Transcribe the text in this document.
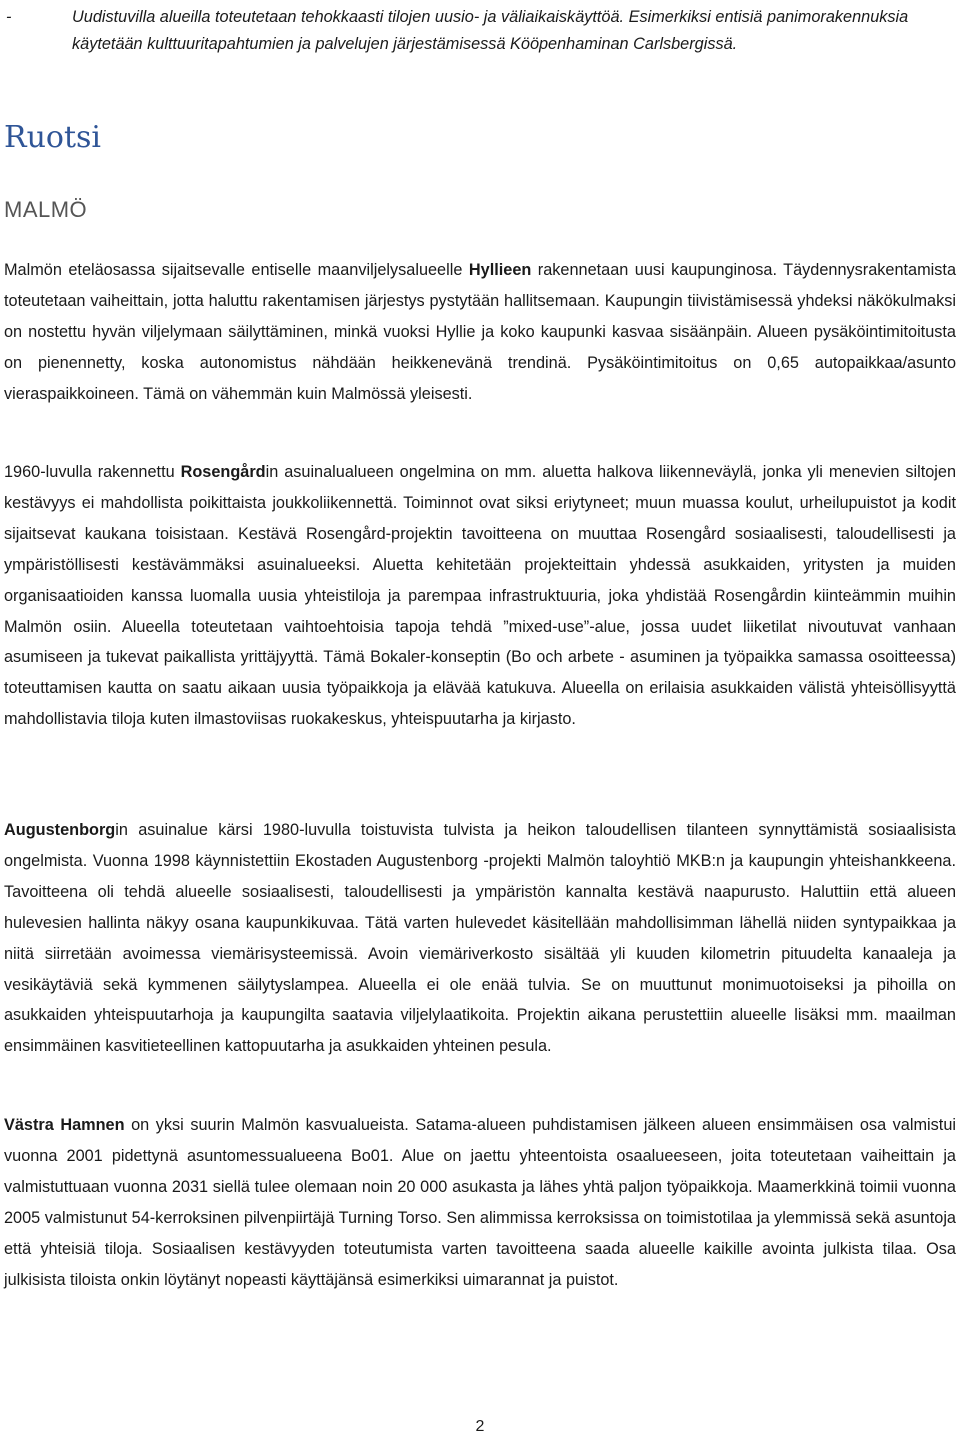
-	Uudistuvilla alueilla toteutetaan tehokkaasti tilojen uusio- ja väliaikaiskäyttöä. Esimerkiksi entisiä panimorakennuksia käytetään kulttuuritapahtumien ja palvelujen järjestämisessä Kööpenhaminan Carlsbergissä.
Ruotsi
MALMÖ

Malmön eteläosassa sijaitsevalle entiselle maanviljelysalueelle Hyllieen rakennetaan uusi kaupunginosa. Täydennysrakentamista toteutetaan vaiheittain, jotta haluttu rakentamisen järjestys pystytään hallitsemaan. Kaupungin tiivistämisessä yhdeksi näkökulmaksi on nostettu hyvän viljelymaan säilyttäminen, minkä vuoksi Hyllie ja koko kaupunki kasvaa sisäänpäin. Alueen pysäköintimitoitusta on pienennetty, koska autonomistus nähdään heikkenevänä trendinä. Pysäköintimitoitus on 0,65 autopaikkaa/asunto vieraspaikkoineen. Tämä on vähemmän kuin Malmössä yleisesti.

1960-luvulla rakennettu Rosengårdin asuinalualueen ongelmina on mm. aluetta halkova liikenneväylä, jonka yli menevien siltojen kestävyys ei mahdollista poikittaista joukkoliikennettä. Toiminnot ovat siksi eriytyneet; muun muassa koulut, urheilupuistot ja kodit sijaitsevat kaukana toisistaan. Kestävä Rosengård-projektin tavoitteena on muuttaa Rosengård sosiaalisesti, taloudellisesti ja ympäristöllisesti kestävämmäksi asuinalueeksi. Aluetta kehitetään projekteittain yhdessä asukkaiden, yritysten ja muiden organisaatioiden kanssa luomalla uusia yhteistiloja ja parempaa infrastruktuuria, joka yhdistää Rosengårdin kiinteämmin muihin Malmön osiin. Alueella toteutetaan vaihtoehtoisia tapoja tehdä ”mixed-use”-alue, jossa uudet liiketilat nivoutuvat vanhaan asumiseen ja tukevat paikallista yrittäjyyttä. Tämä Bokaler-konseptin (Bo och arbete - asuminen ja työpaikka samassa osoitteessa) toteuttamisen kautta on saatu aikaan uusia työpaikkoja ja elävää katukuva. Alueella on erilaisia asukkaiden välistä yhteisöllisyyttä mahdollistavia tiloja kuten ilmastoviisas ruokakeskus, yhteispuutarha ja kirjasto.

Augustenborgin asuinalue kärsi 1980-luvulla toistuvista tulvista ja heikon taloudellisen tilanteen synnyttämistä sosiaalisista ongelmista. Vuonna 1998 käynnistettiin Ekostaden Augustenborg -projekti Malmön taloyhtiö MKB:n ja kaupungin yhteishankkeena. Tavoitteena oli tehdä alueelle sosiaalisesti, taloudellisesti ja ympäristön kannalta kestävä naapurusto. Haluttiin että alueen hulevesien hallinta näkyy osana kaupunkikuvaa. Tätä varten hulevedet käsitellään mahdollisimman lähellä niiden syntypaikkaa ja niitä siirretään avoimessa viemärisysteemissä. Avoin viemäriverkosto sisältää yli kuuden kilometrin pituudelta kanaaleja ja vesikäytäviä sekä kymmenen säilytyslampea. Alueella ei ole enää tulvia. Se on muuttunut monimuotoiseksi ja pihoilla on asukkaiden yhteispuutarhoja ja kaupungilta saatavia viljelylaatikoita. Projektin aikana perustettiin alueelle lisäksi mm. maailman ensimmäinen kasvitieteellinen kattopuutarha ja asukkaiden yhteinen pesula.

Västra Hamnen on yksi suurin Malmön kasvualueista. Satama-alueen puhdistamisen jälkeen alueen ensimmäisen osa valmistui vuonna 2001 pidettynä asuntomessualueena Bo01. Alue on jaettu yhteentoista osaalueeseen, joita toteutetaan vaiheittain ja valmistuttuaan vuonna 2031 siellä tulee olemaan noin 20 000 asukasta ja lähes yhtä paljon työpaikkoja. Maamerkkinä toimii vuonna 2005 valmistunut 54-kerroksinen pilvenpiirtäjä Turning Torso. Sen alimmissa kerroksissa on toimistotilaa ja ylemmissä sekä asuntoja että yhteisiä tiloja. Sosiaalisen kestävyyden toteutumista varten tavoitteena saada alueelle kaikille avointa julkista tilaa. Osa julkisista tiloista onkin löytänyt nopeasti käyttäjänsä esimerkiksi uimarannat ja puistot.

2
